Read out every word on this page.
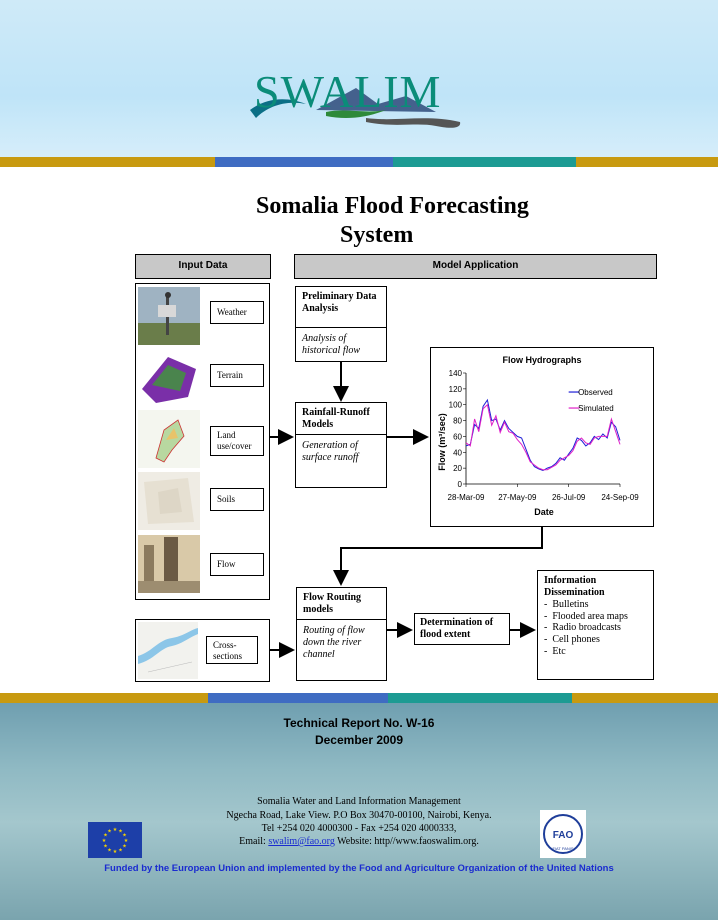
SWALIM
Somalia Flood Forecasting
System
Input Data	Model Application
Weather
Terrain
Land use/cover
Soils
Flow
Cross-sections
Preliminary Data Analysis
Analysis of historical flow
Rainfall-Runoff Models
Generation of surface runoff
Flow Routing models
Routing of flow down the river channel
Determination of flood extent
Information Dissemination
-  Bulletins
-  Flooded area maps
-  Radio broadcasts
-  Cell phones
-  Etc
Flow Hydrographs
Date
Flow (m³/sec)
0
20
40
60
80
100
120
140
28-Mar-09 27-May-09 26-Jul-09 24-Sep-09
Observed
Simulated
Technical Report No. W-16
December 2009
Somalia Water and Land Information Management
Ngecha Road, Lake View. P.O Box 30470-00100, Nairobi, Kenya.
Tel +254 020 4000300 - Fax +254 020 4000333,
Email: swalim@fao.org Website: http//www.faoswalim.org.
★
★
★
★
★
★
★
★
★ ★ ★
★	FAO
FIAT PANIS
Funded by the European Union and implemented by the Food and Agriculture Organization of the United Nations
